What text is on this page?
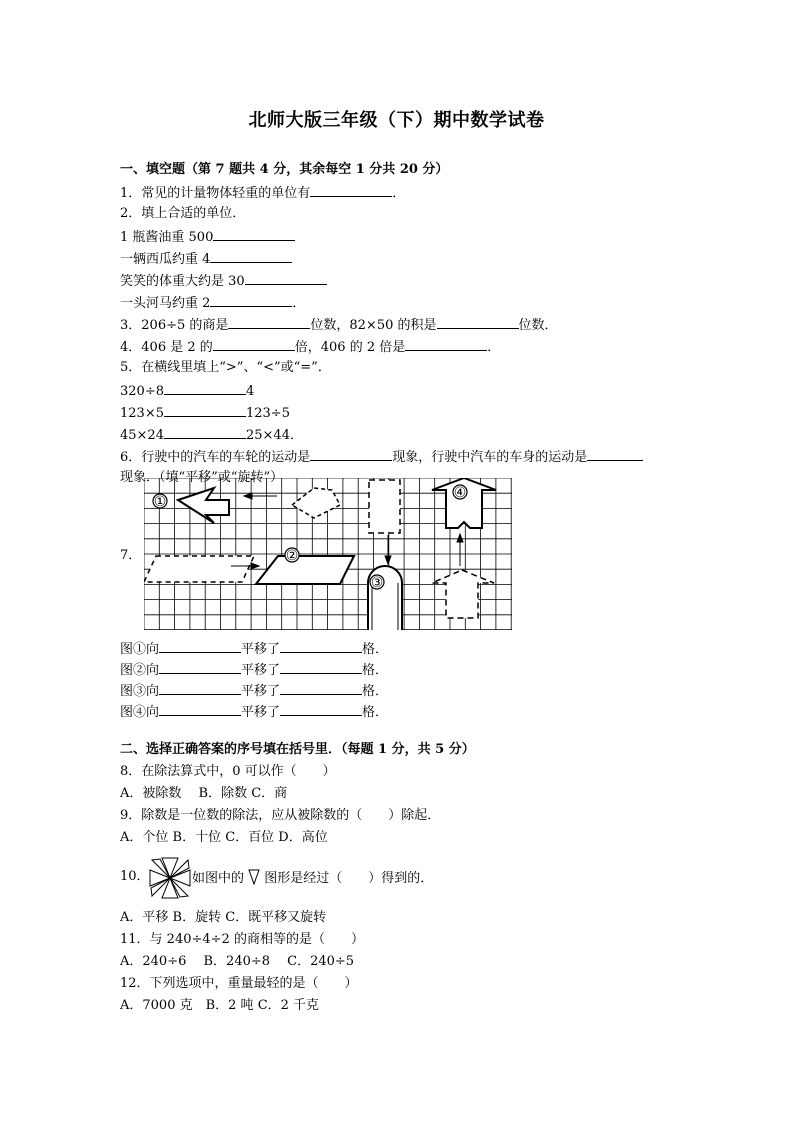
北师大版三年级（下）期中数学试卷
一、填空题（第 7 题共 4 分，其余每空 1 分共 20 分）
1．常见的计量物体轻重的单位有	．
2．填上合适的单位．
1 瓶酱油重 500
一辆西瓜约重 4
笑笑的体重大约是 30
一头河马约重 2	．
3．206÷5 的商是	位数，82×50 的积是	位数．
4．406 是 2 的	倍，406 的 2 倍是	．
5．在横线里填上“>”、“<”或“=”．
320÷8	4
123×5	123÷5
45×24	25×44．
6．行驶中的汽车的车轮的运动是	现象，行驶中汽车的车身的运动是
现象．（填“平移”或“旋转”）
7．
①
②
③
④
图①向	平移了	格．
图②向	平移了	格．
图③向	平移了	格．
图④向	平移了	格．
二、选择正确答案的序号填在括号里．（每题 1 分，共 5 分）
8．在除法算式中，0 可以作（　　）
A．被除数　 B．除数 C．商
9．除数是一位数的除法，应从被除数的（　　）除起．
A．个位 B．十位 C．百位 D．高位
10．	如图中的 图形是经过（　　）得到的．
A．平移 B．旋转 C．既平移又旋转
11．与 240÷4÷2 的商相等的是（　　）
A．240÷6　 B．240÷8　 C．240÷5
12．下列选项中，重量最轻的是（　　）
A．7000 克　B．2 吨 C．2 千克
